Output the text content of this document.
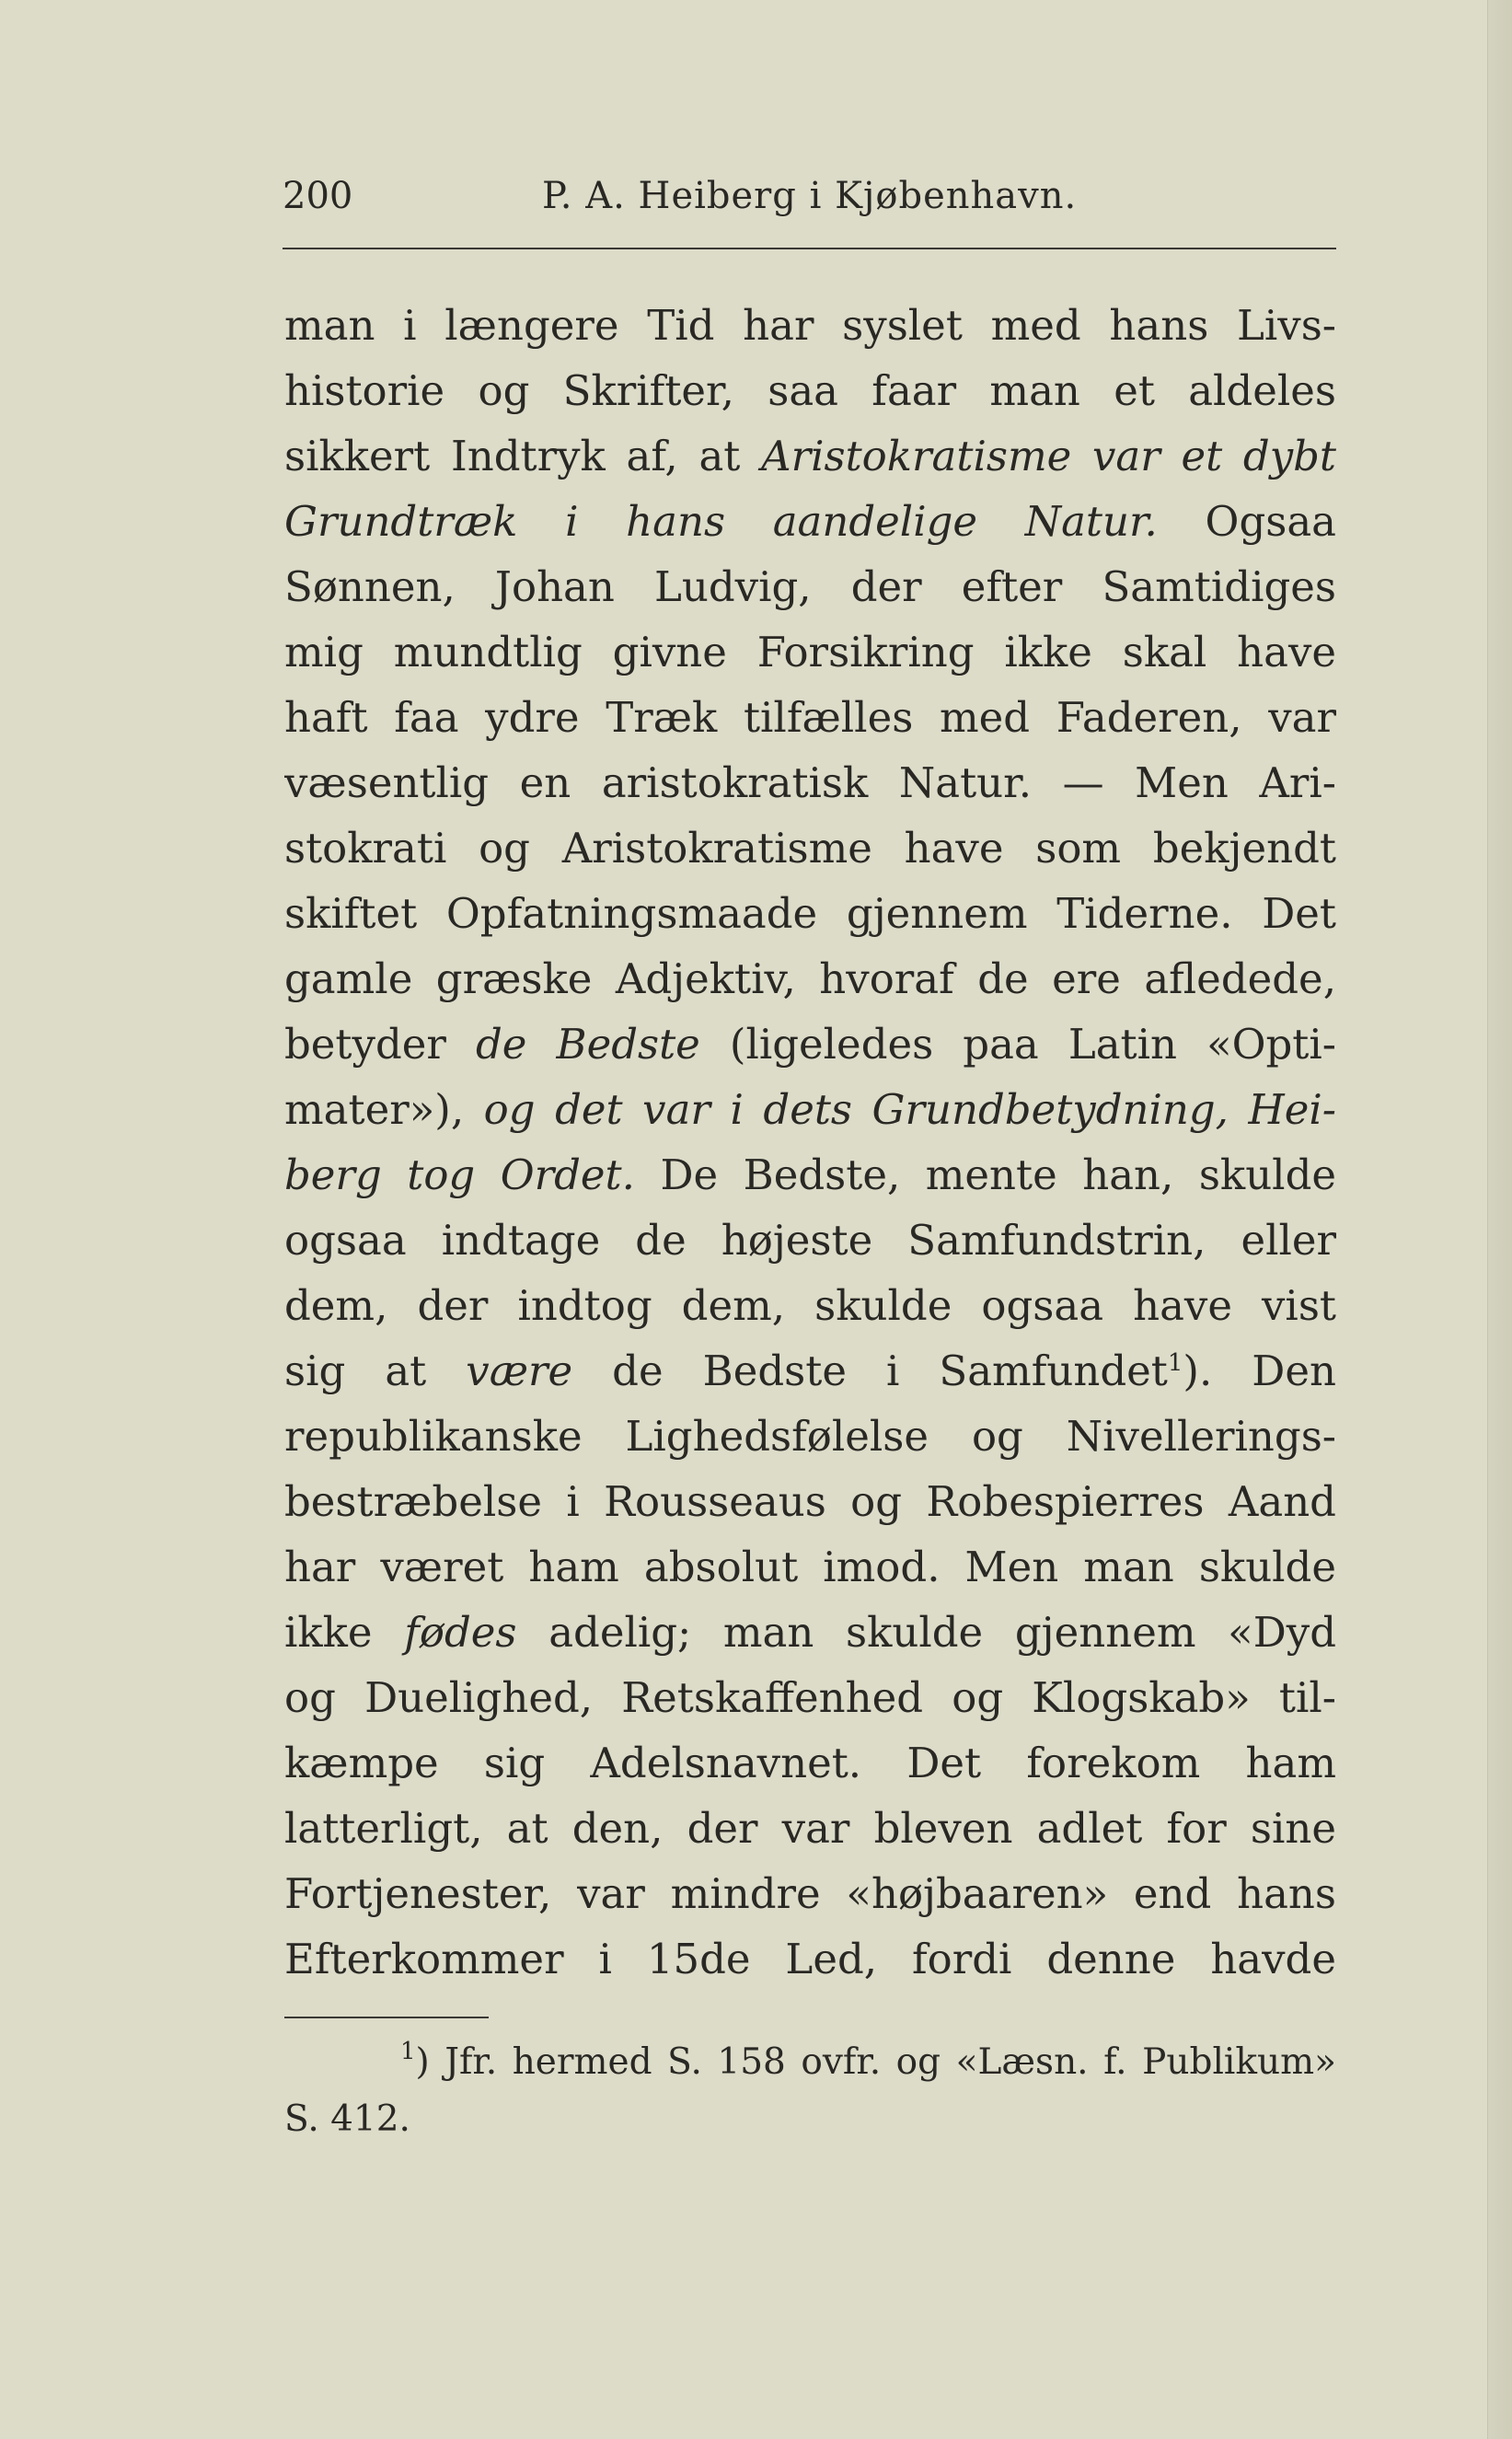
200	P. A. Heiberg i Kjøbenhavn.
man i længere Tid har syslet med hans Livs-
historie og Skrifter, saa faar man et aldeles
sikkert Indtryk af, at Aristokratisme var et dybt
Grundtræk i hans aandelige Natur. Ogsaa
Sønnen, Johan Ludvig, der efter Samtidiges
mig mundtlig givne Forsikring ikke skal have
haft faa ydre Træk tilfælles med Faderen, var
væsentlig en aristokratisk Natur. — Men Ari-
stokrati og Aristokratisme have som bekjendt
skiftet Opfatningsmaade gjennem Tiderne. Det
gamle græske Adjektiv, hvoraf de ere afledede,
betyder de Bedste (ligeledes paa Latin «Opti-
mater»), og det var i dets Grundbetydning, Hei-
berg tog Ordet. De Bedste, mente han, skulde
ogsaa indtage de højeste Samfundstrin, eller
dem, der indtog dem, skulde ogsaa have vist
sig at være de Bedste i Samfundet$^1$). Den
republikanske Lighedsfølelse og Nivellerings-
bestræbelse i Rousseaus og Robespierres Aand
har været ham absolut imod. Men man skulde
ikke fødes adelig; man skulde gjennem «Dyd
og Duelighed, Retskaffenhed og Klogskab» til-
kæmpe sig Adelsnavnet. Det forekom ham
latterligt, at den, der var bleven adlet for sine
Fortjenester, var mindre «højbaaren» end hans
Efterkommer i 15de Led, fordi denne havde
$^1$) Jfr. hermed S. 158 ovfr. og «Læsn. f. Publikum»
S. 412.
